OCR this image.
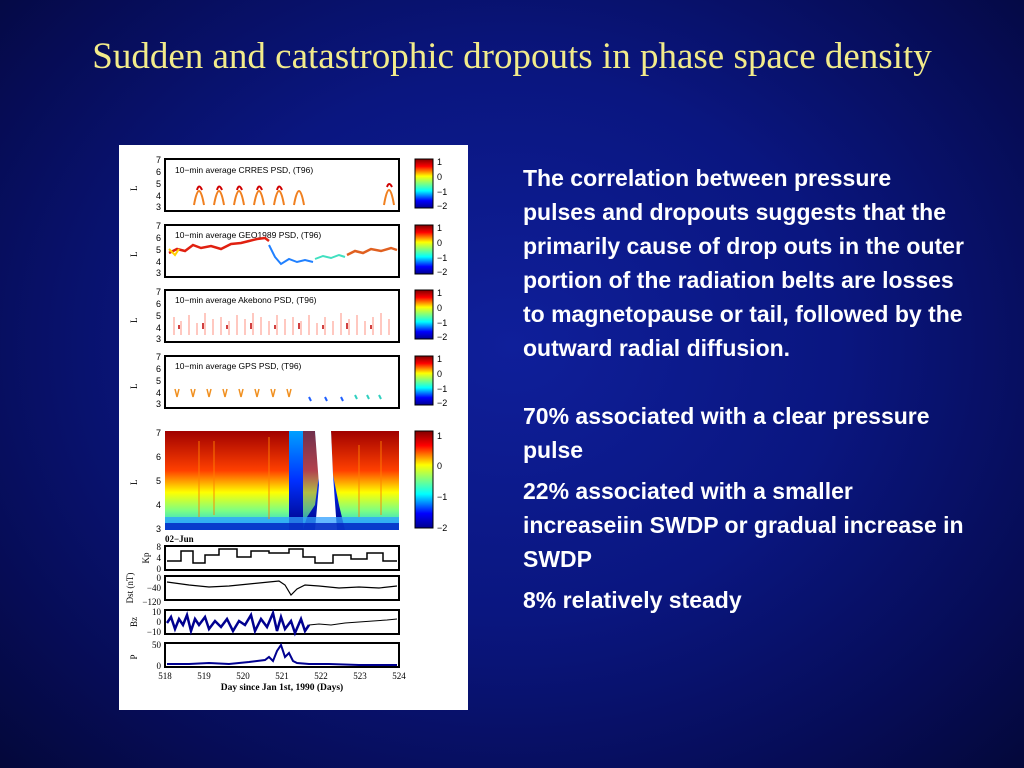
Sudden and catastrophic dropouts in phase space density
10−min average CRRES PSD, (T96)
L
7
6
5
4
3
1
0
−1
−2
10−min average GEO1989 PSD, (T96)
L
7
6
5
4
3
1
0
−1
−2
10−min average Akebono PSD, (T96)
L
7
6
5
4
3
1
0
−1
−2
10−min average GPS PSD, (T96)
L
7
6
5
4
3
1
0
−1
−2
L
7
6
5
4
3
1
0
−1
−2
02−Jun
Kp
8
4
0
Dst (nT) 0
−40
−120
Bz
10
0
−10
P
50
0
518	519	520	521	522	523	524
Day since Jan 1st, 1990 (Days)

The correlation between pressure pulses and dropouts suggests that the primarily cause of drop outs in the outer portion of the radiation belts are losses to magnetopause or tail, followed by the outward radial diffusion.

70% associated with a clear pressure pulse

22% associated with a smaller increaseiin SWDP or gradual increase in SWDP

8% relatively steady
